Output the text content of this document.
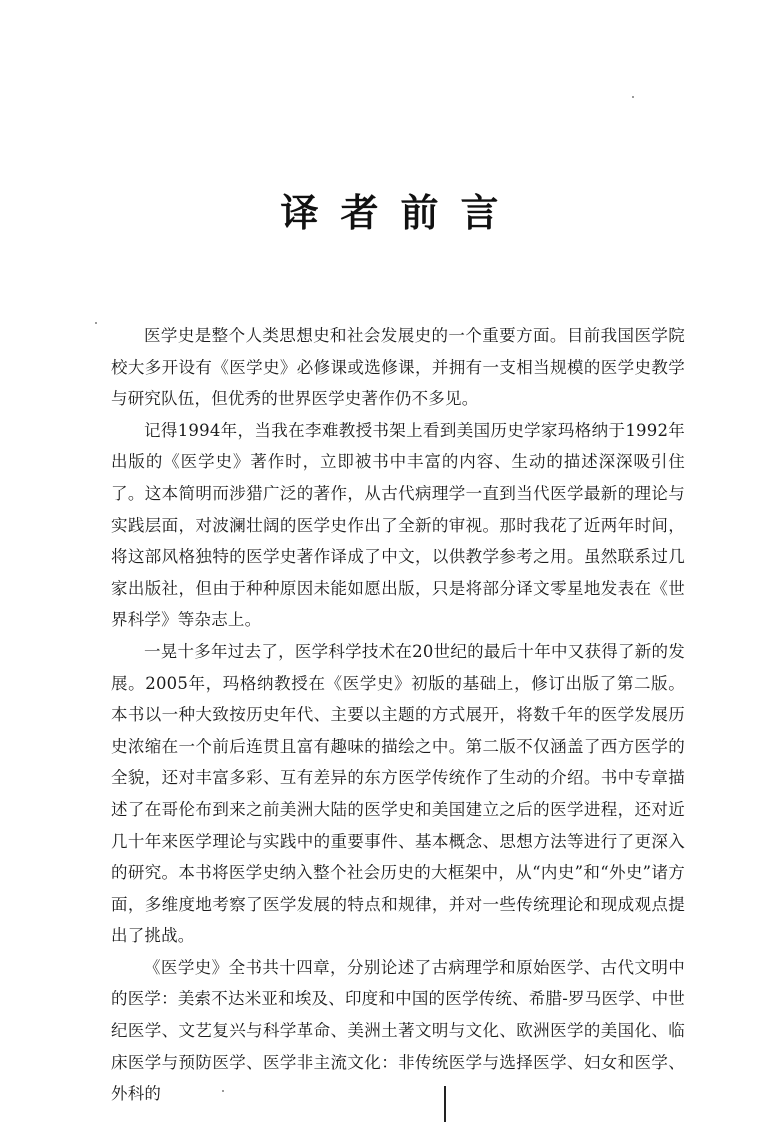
译者前言

医学史是整个人类思想史和社会发展史的一个重要方面。目前我国医学院校大多开设有《医学史》必修课或选修课，并拥有一支相当规模的医学史教学与研究队伍，但优秀的世界医学史著作仍不多见。

记得1994年，当我在李难教授书架上看到美国历史学家玛格纳于1992年出版的《医学史》著作时，立即被书中丰富的内容、生动的描述深深吸引住了。这本简明而涉猎广泛的著作，从古代病理学一直到当代医学最新的理论与实践层面，对波澜壮阔的医学史作出了全新的审视。那时我花了近两年时间，将这部风格独特的医学史著作译成了中文，以供教学参考之用。虽然联系过几家出版社，但由于种种原因未能如愿出版，只是将部分译文零星地发表在《世界科学》等杂志上。

一晃十多年过去了，医学科学技术在20世纪的最后十年中又获得了新的发展。2005年，玛格纳教授在《医学史》初版的基础上，修订出版了第二版。本书以一种大致按历史年代、主要以主题的方式展开，将数千年的医学发展历史浓缩在一个前后连贯且富有趣味的描绘之中。第二版不仅涵盖了西方医学的全貌，还对丰富多彩、互有差异的东方医学传统作了生动的介绍。书中专章描述了在哥伦布到来之前美洲大陆的医学史和美国建立之后的医学进程，还对近几十年来医学理论与实践中的重要事件、基本概念、思想方法等进行了更深入的研究。本书将医学史纳入整个社会历史的大框架中，从“内史”和“外史”诸方面，多维度地考察了医学发展的特点和规律，并对一些传统理论和现成观点提出了挑战。

《医学史》全书共十四章，分别论述了古病理学和原始医学、古代文明中的医学：美索不达米亚和埃及、印度和中国的医学传统、希腊-罗马医学、中世纪医学、文艺复兴与科学革命、美洲土著文明与文化、欧洲医学的美国化、临床医学与预防医学、医学非主流文化：非传统医学与选择医学、妇女和医学、外科的
